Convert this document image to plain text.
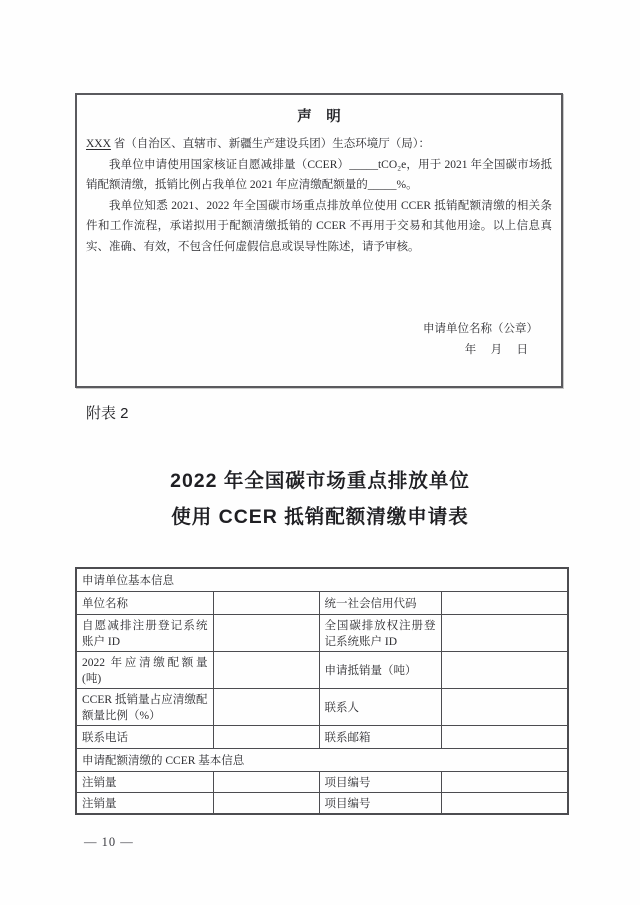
声　明

XXX 省（自治区、直辖市、新疆生产建设兵团）生态环境厅（局）：

我单位申请使用国家核证自愿减排量（CCER）_____tCO₂e，用于 2021 年全国碳市场抵销配额清缴，抵销比例占我单位 2021 年应清缴配额量的_____%。

我单位知悉 2021、2022 年全国碳市场重点排放单位使用 CCER 抵销配额清缴的相关条件和工作流程，承诺拟用于配额清缴抵销的 CCER 不再用于交易和其他用途。以上信息真实、准确、有效，不包含任何虚假信息或误导性陈述，请予审核。

申请单位名称（公章）
年　 月　 日
附表 2
2022 年全国碳市场重点排放单位
使用 CCER 抵销配额清缴申请表
申请单位基本信息			
单位名称		统一社会信用代码	
自愿减排注册登记系统账户 ID		全国碳排放权注册登记系统账户 ID	
2022 年应清缴配额量(吨)		申请抵销量（吨）	
CCER 抵销量占应清缴配额量比例（%）		联系人	
联系电话		联系邮箱	
申请配额清缴的 CCER 基本信息			
注销量		项目编号	
注销量		项目编号	
— 10 —
